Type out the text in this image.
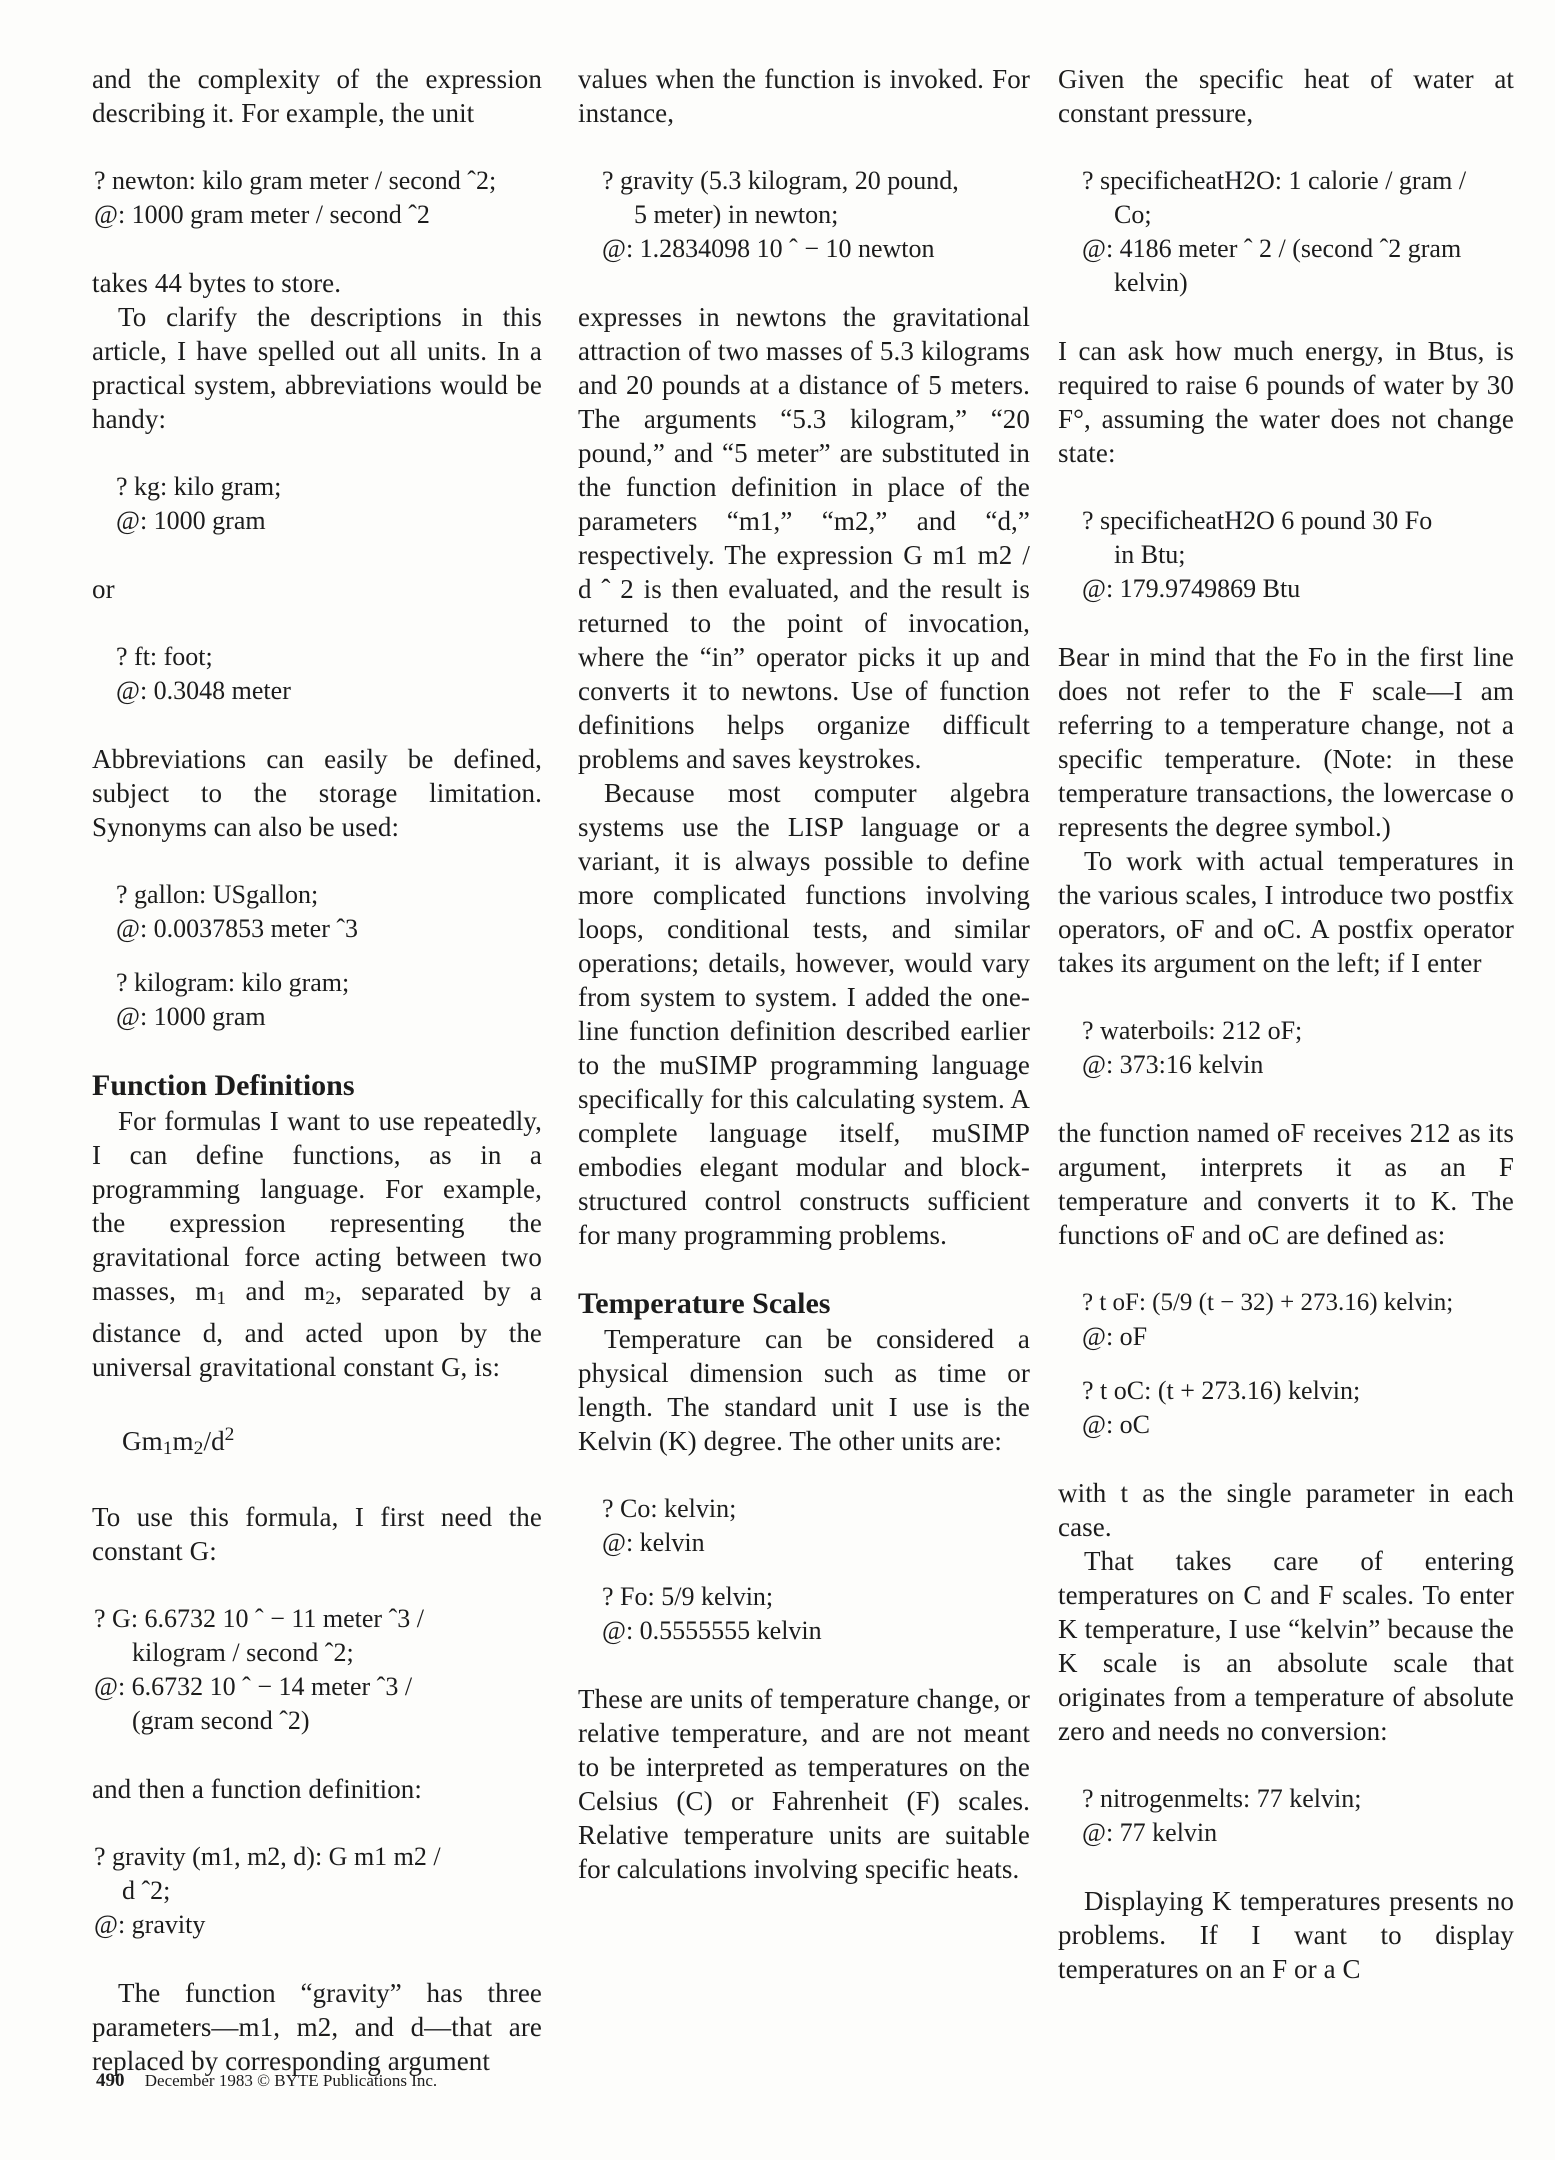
and the complexity of the expression describing it. For example, the unit

? newton: kilo gram meter / second ˆ2;
@: 1000 gram meter / second ˆ2

takes 44 bytes to store.

To clarify the descriptions in this article, I have spelled out all units. In a practical system, abbreviations would be handy:

? kg: kilo gram;
@: 1000 gram

or

? ft: foot;
@: 0.3048 meter

Abbreviations can easily be defined, subject to the storage limitation. Synonyms can also be used:

? gallon: USgallon;
@: 0.0037853 meter ˆ3
? kilogram: kilo gram;
@: 1000 gram
Function Definitions

For formulas I want to use repeatedly, I can define functions, as in a programming language. For example, the expression representing the gravitational force acting between two masses, $m_1$ and $m_2$, separated by a distance d, and acted upon by the universal gravitational constant G, is:

$Gm_1m_2/d^2$

To use this formula, I first need the constant G:

? G: 6.6732 10 ˆ − 11 meter ˆ3 /
kilogram / second ˆ2;
@: 6.6732 10 ˆ − 14 meter ˆ3 /
(gram second ˆ2)

and then a function definition:

? gravity (m1, m2, d): G m1 m2 /
d ˆ2;
@: gravity

The function “gravity” has three parameters—m1, m2, and d—that are replaced by corresponding argument

values when the function is invoked. For instance,

? gravity (5.3 kilogram, 20 pound,
5 meter) in newton;
@: 1.2834098 10 ˆ − 10 newton

expresses in newtons the gravitational attraction of two masses of 5.3 kilograms and 20 pounds at a distance of 5 meters. The arguments “5.3 kilogram,” “20 pound,” and “5 meter” are substituted in the function definition in place of the parameters “m1,” “m2,” and “d,” respectively. The expression G m1 m2 / d ˆ 2 is then evaluated, and the result is returned to the point of invocation, where the “in” operator picks it up and converts it to newtons. Use of function definitions helps organize difficult problems and saves keystrokes.

Because most computer algebra systems use the LISP language or a variant, it is always possible to define more complicated functions involving loops, conditional tests, and similar operations; details, however, would vary from system to system. I added the one-line function definition described earlier to the muSIMP programming language specifically for this calculating system. A complete language itself, muSIMP embodies elegant modular and block-structured control constructs sufficient for many programming problems.

Temperature Scales

Temperature can be considered a physical dimension such as time or length. The standard unit I use is the Kelvin (K) degree. The other units are:

? Co: kelvin;
@: kelvin
? Fo: 5/9 kelvin;
@: 0.5555555 kelvin

These are units of temperature change, or relative temperature, and are not meant to be interpreted as temperatures on the Celsius (C) or Fahrenheit (F) scales. Relative temperature units are suitable for calculations involving specific heats.

Given the specific heat of water at constant pressure,

? specificheatH2O: 1 calorie / gram /
Co;
@: 4186 meter ˆ 2 / (second ˆ2 gram
kelvin)

I can ask how much energy, in Btus, is required to raise 6 pounds of water by 30 F°, assuming the water does not change state:

? specificheatH2O 6 pound 30 Fo
in Btu;
@: 179.9749869 Btu

Bear in mind that the Fo in the first line does not refer to the F scale—I am referring to a temperature change, not a specific temperature. (Note: in these temperature transactions, the lowercase o represents the degree symbol.)

To work with actual temperatures in the various scales, I introduce two postfix operators, oF and oC. A postfix operator takes its argument on the left; if I enter

? waterboils: 212 oF;
@: 373:16 kelvin

the function named oF receives 212 as its argument, interprets it as an F temperature and converts it to K. The functions oF and oC are defined as:

? t oF: (5/9 (t − 32) + 273.16) kelvin;
@: oF
? t oC: (t + 273.16) kelvin;
@: oC

with t as the single parameter in each case.

That takes care of entering temperatures on C and F scales. To enter K temperature, I use “kelvin” because the K scale is an absolute scale that originates from a temperature of absolute zero and needs no conversion:

? nitrogenmelts: 77 kelvin;
@: 77 kelvin

Displaying K temperatures presents no problems. If I want to display temperatures on an F or a C

490 December 1983 © BYTE Publications Inc.
